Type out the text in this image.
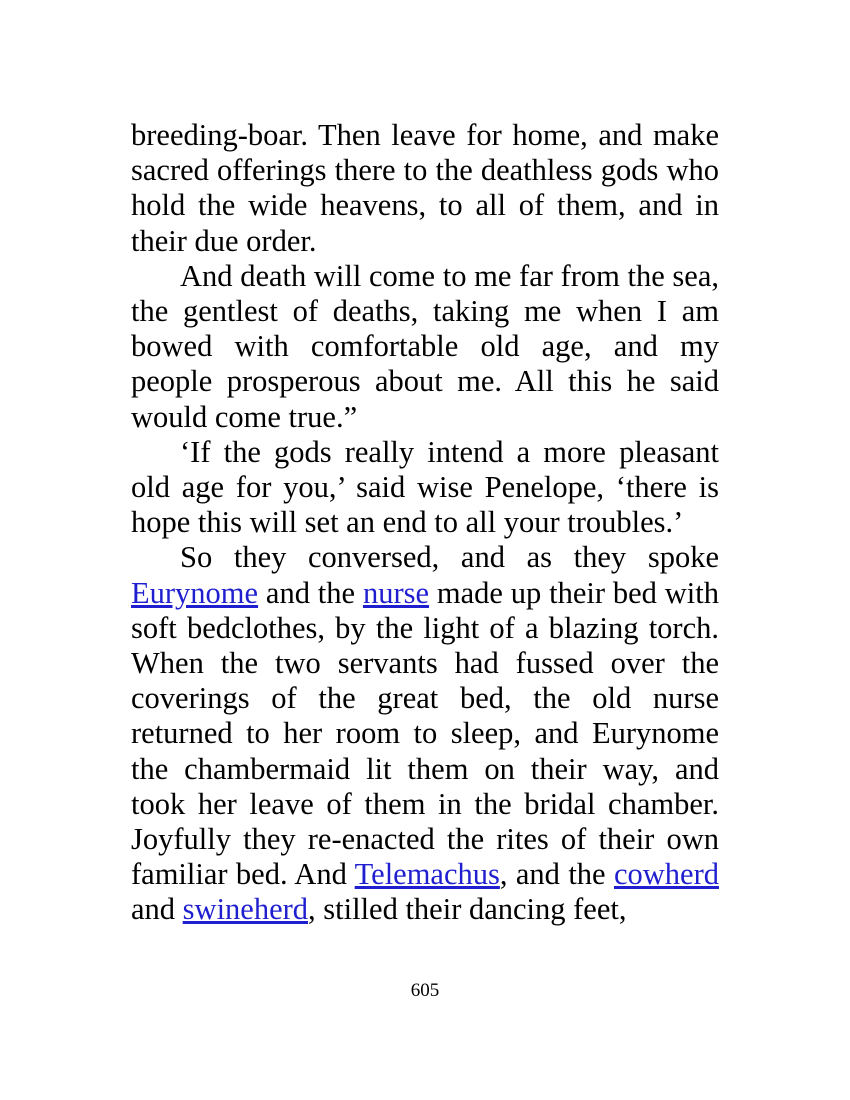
breeding-boar. Then leave for home, and make sacred offerings there to the deathless gods who hold the wide heavens, to all of them, and in their due order.

And death will come to me far from the sea, the gentlest of deaths, taking me when I am bowed with comfortable old age, and my people prosperous about me. All this he said would come true.”

‘If the gods really intend a more pleasant old age for you,’ said wise Penelope, ‘there is hope this will set an end to all your troubles.’

So they conversed, and as they spoke Eurynome and the nurse made up their bed with soft bedclothes, by the light of a blazing torch. When the two servants had fussed over the coverings of the great bed, the old nurse returned to her room to sleep, and Eurynome the chambermaid lit them on their way, and took her leave of them in the bridal chamber. Joyfully they re-enacted the rites of their own familiar bed. And Telemachus, and the cowherd and swineherd, stilled their dancing feet,

605
